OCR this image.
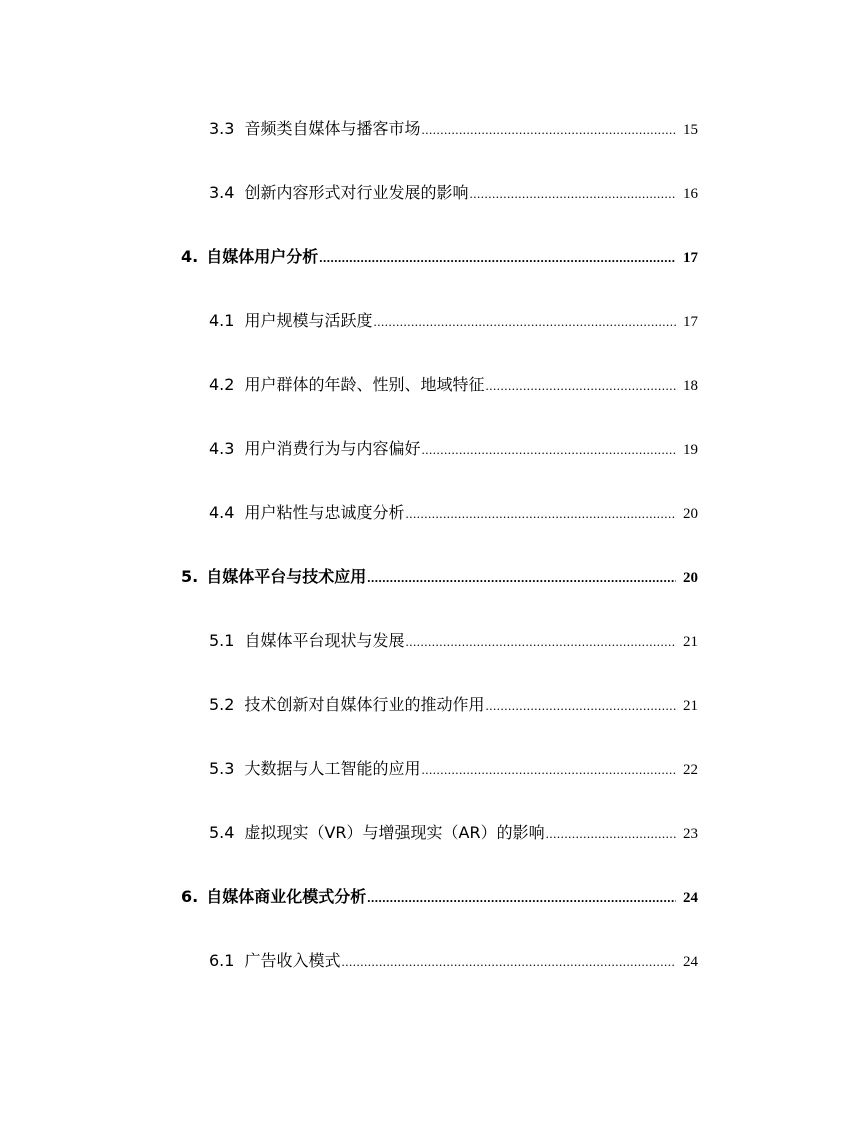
3.3 音频类自媒体与播客市场 .....	15
3.4 创新内容形式对行业发展的影响 .....	16
4. 自媒体用户分析 .....	17
4.1 用户规模与活跃度 .....	17
4.2 用户群体的年龄、性别、地域特征 .....	18
4.3 用户消费行为与内容偏好 .....	19
4.4 用户粘性与忠诚度分析 .....	20
5. 自媒体平台与技术应用 .....	20
5.1 自媒体平台现状与发展 .....	21
5.2 技术创新对自媒体行业的推动作用 .....	21
5.3 大数据与人工智能的应用 .....	22
5.4 虚拟现实（VR）与增强现实（AR）的影响 .....	23
6. 自媒体商业化模式分析 .....	24
6.1 广告收入模式 .....	24
